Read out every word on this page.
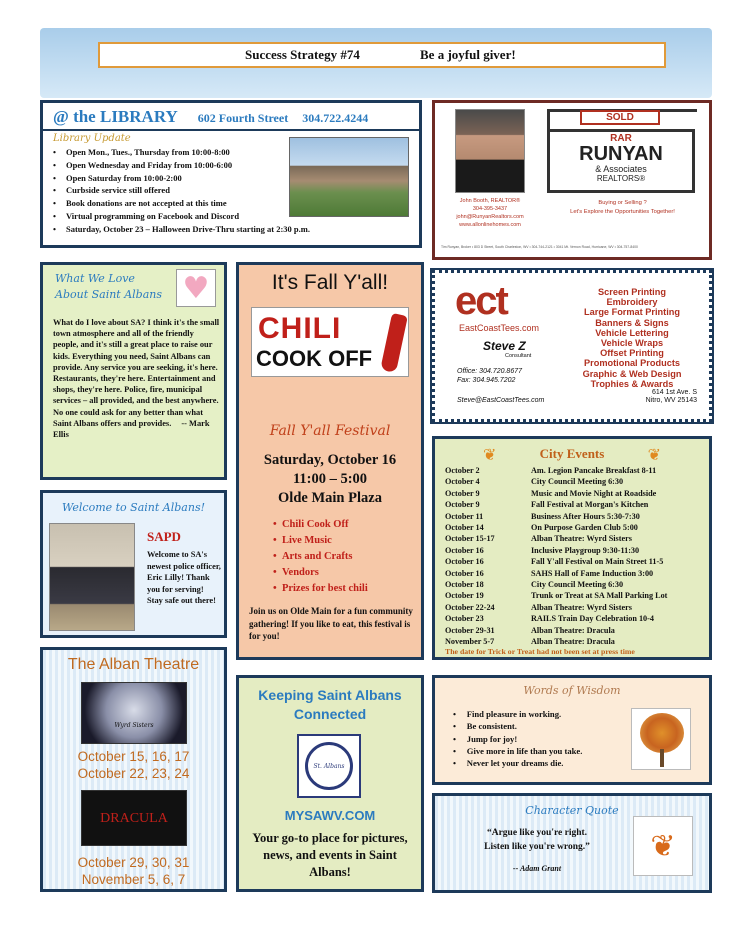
Success Strategy #74	Be a joyful giver!
@ the LIBRARY 602 Fourth Street 304.722.4244
Library Update
• Open Mon., Tues., Thursday from 10:00-8:00
• Open Wednesday and Friday from 10:00-6:00
• Open Saturday from 10:00-2:00
• Curbside service still offered
• Book donations are not accepted at this time
• Virtual programming on Facebook and Discord
• Saturday, October 23 – Halloween Drive-Thru starting at 2:30 p.m.
John Booth, REALTOR®
304-395-3437
john@RunyanRealtors.com
www.allonlinehomes.com
SOLD
RAR
RUNYAN
& Associates
REALTORS®
Buying or Selling ?
Let's Explore the Opportunities Together!
Tim Runyan, Broker • 803 D Street, South Charleston, WV • 304-744-2121 • 3041 Mt. Vernon Road, Hurricane, WV • 304-757-8400
ect
EastCoastTees.com
Steve Z
Consultant
Office: 304.720.8677
Fax: 304.945.7202
Steve@EastCoastTees.com
Screen Printing
Embroidery
Large Format Printing
Banners & Signs
Vehicle Lettering
Vehicle Wraps
Offset Printing
Promotional Products
Graphic & Web Design
Trophies & Awards
614 1st Ave. S
Nitro, WV 25143
What We Love
About Saint Albans ♥
What do I love about SA? I think it's the small town atmosphere and all of the friendly people, and it's still a great place to raise our kids. Everything you need, Saint Albans can provide. Any service you are seeking, it's here. Restaurants, they're here. Entertainment and shops, they're here. Police, fire, municipal services – all provided, and the best anywhere. No one could ask for any better than what Saint Albans offers and provides. -- Mark Ellis
It's Fall Y'all!
CHILI
COOK OFF
Fall Y'all Festival
Saturday, October 16
11:00 – 5:00
Olde Main Plaza
•  Chili Cook Off
•  Live Music
•  Arts and Crafts
•  Vendors
•  Prizes for best chili
Join us on Olde Main for a fun community gathering! If you like to eat, this festival is for you!
❦	City Events	❦
October 2	Am. Legion Pancake Breakfast 8-11
October 4	City Council Meeting 6:30
October 9	Music and Movie Night at Roadside
October 9	Fall Festival at Morgan's Kitchen
October 11	Business After Hours 5:30-7:30
October 14	On Purpose Garden Club 5:00
October 15-17	Alban Theatre: Wyrd Sisters
October 16	Inclusive Playgroup 9:30-11:30
October 16	Fall Y'all Festival on Main Street 11-5
October 16	SAHS Hall of Fame Induction 3:00
October 18	City Council Meeting 6:30
October 19	Trunk or Treat at SA Mall Parking Lot
October 22-24	Alban Theatre: Wyrd Sisters
October 23	RAILS Train Day Celebration 10-4
October 29-31	Alban Theatre: Dracula
November 5-7	Alban Theatre: Dracula
The date for Trick or Treat had not been set at press time
Welcome to Saint Albans!
SAPD
Welcome to SA's newest police officer, Eric Lilly! Thank you for serving! Stay safe out there!
The Alban Theatre
Wyrd Sisters
October 15, 16, 17
October 22, 23, 24
DRACULA
October 29, 30, 31
November 5, 6, 7
Keeping Saint Albans
Connected
St. Albans
MYSAWV.COM
Your go-to place for pictures, news, and events in Saint Albans!
Words of Wisdom
•     Find pleasure in working.
•     Be consistent.
•     Jump for joy!
•     Give more in life than you take.
•     Never let your dreams die.
Character Quote
“Argue like you're right.
Listen like you're wrong.”
-- Adam Grant
❦
